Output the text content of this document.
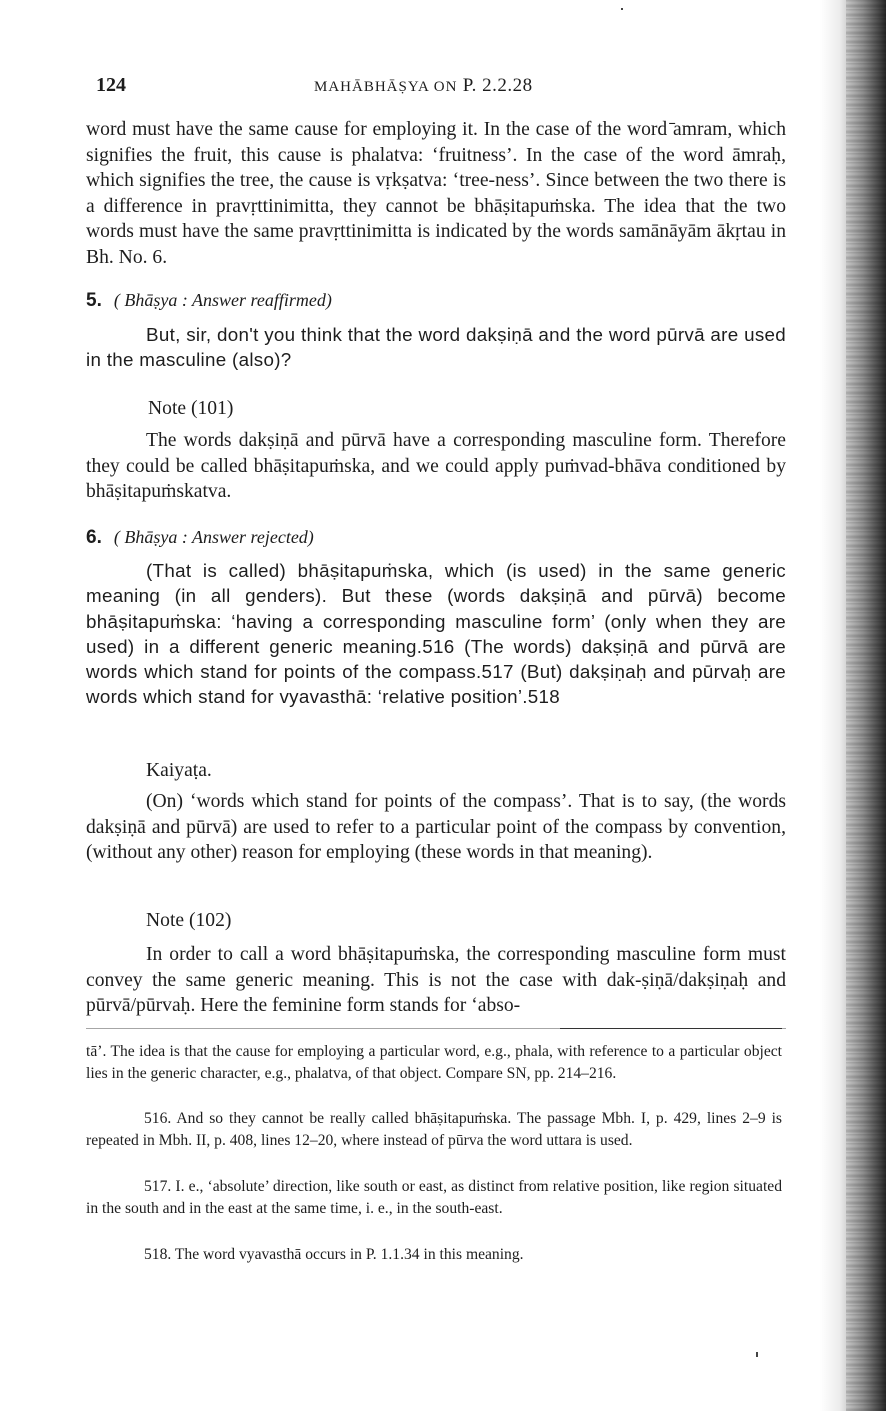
124	MAHĀBHĀṢYA ON P. 2.2.28

word must have the same cause for employing it. In the case of the word ̄amram, which signifies the fruit, this cause is phalatva: ‘fruitness’. In the case of the word āmraḥ, which signifies the tree, the cause is vṛkṣatva: ‘tree-ness’. Since between the two there is a difference in pravṛttinimitta, they cannot be bhāṣitapuṁska. The idea that the two words must have the same pravṛttinimitta is indicated by the words samānāyām ākṛtau in Bh. No. 6.

5. ( Bhāṣya : Answer reaffirmed)

But, sir, don't you think that the word dakṣiṇā and the word pūrvā are used in the masculine (also)?

Note (101)

The words dakṣiṇā and pūrvā have a corresponding masculine form. Therefore they could be called bhāṣitapuṁska, and we could apply puṁvad-bhāva conditioned by bhāṣitapuṁskatva.

6. ( Bhāṣya : Answer rejected)

(That is called) bhāṣitapuṁska, which (is used) in the same generic meaning (in all genders). But these (words dakṣiṇā and pūrvā) become bhāṣitapuṁska: ‘having a corresponding masculine form’ (only when they are used) in a different generic meaning.516 (The words) dakṣiṇā and pūrvā are words which stand for points of the compass.517 (But) dakṣiṇaḥ and pūrvaḥ are words which stand for vyavasthā: ‘relative position’.518

Kaiyaṭa.

(On) ‘words which stand for points of the compass’. That is to say, (the words dakṣiṇā and pūrvā) are used to refer to a particular point of the compass by convention, (without any other) reason for employing (these words in that meaning).

Note (102)

In order to call a word bhāṣitapuṁska, the corresponding masculine form must convey the same generic meaning. This is not the case with dak-ṣiṇā/dakṣiṇaḥ and pūrvā/pūrvaḥ. Here the feminine form stands for ‘abso-

tā’. The idea is that the cause for employing a particular word, e.g., phala, with reference to a particular object lies in the generic character, e.g., phalatva, of that object. Compare SN, pp. 214–216.

516. And so they cannot be really called bhāṣitapuṁska. The passage Mbh. I, p. 429, lines 2–9 is repeated in Mbh. II, p. 408, lines 12–20, where instead of pūrva the word uttara is used.

517. I. e., ‘absolute’ direction, like south or east, as distinct from relative position, like region situated in the south and in the east at the same time, i. e., in the south-east.

518. The word vyavasthā occurs in P. 1.1.34 in this meaning.
